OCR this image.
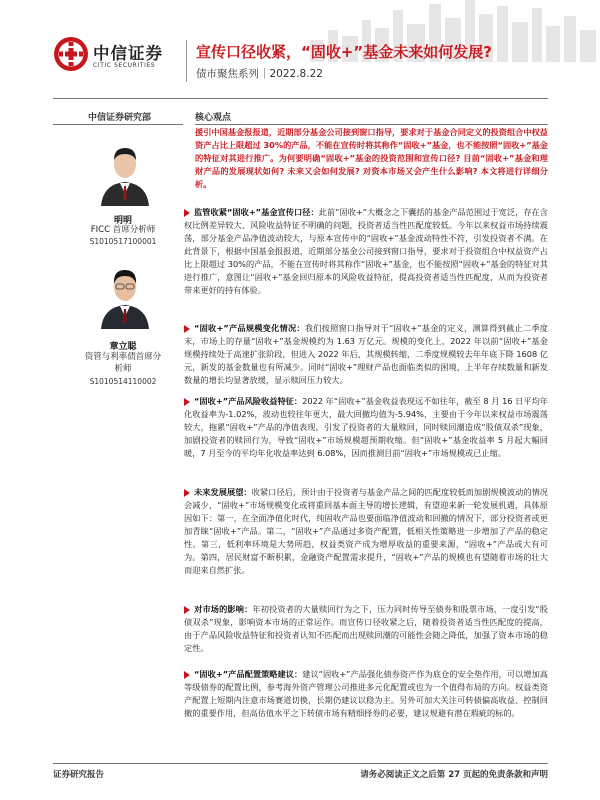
中信证券
CITIC SECURITIES
宣传口径收紧，“固收+”基金未来如何发展?
债市聚焦系列｜2022.8.22
中信证券研究部	核心观点
明明
FICC 首席分析师
S1010517100001
章立聪
资管与利率债首席分析师
S1010514110002
援引中国基金报报道，近期部分基金公司接到窗口指导，要求对于基金合同定义的投资组合中权益资产占比上限超过 30%的产品，不能在宣传时将其称作“固收+”基金，也不能按照“固收+”基金的特征对其进行推广。为何要明确“固收+”基金的投资范围和宣传口径? 目前“固收+”基金和理财产品的发展现状如何? 未来又会如何发展? 对资本市场又会产生什么影响? 本文将进行详细分析。
监管收紧“固收+”基金宣传口径：此前“固收+”大概念之下囊括的基金产品范围过于宽泛，存在含权比例差异较大、风险收益特征不明确的问题，投资者适当性匹配度较低。今年以来权益市场持续震荡，部分基金产品净值波动较大，与原本宣传中的“固收+”基金波动特性不符，引发投资者不满。在此背景下，根据中国基金报报道，近期部分基金公司接到窗口指导，要求对于投资组合中权益资产占比上限超过 30%的产品，不能在宣传时将其称作“固收+”基金，也不能按照“固收+”基金的特征对其进行推广，意图让“固收+”基金回归原本的风险收益特征，提高投资者适当性匹配度，从而为投资者带来更好的持有体验。
“固收+”产品规模变化情况：我们按照窗口指导对于“固收+”基金的定义，测算得到截止二季度末，市场上的存量“固收+”基金规模约为 1.63 万亿元。规模的变化上，2022 年以前“固收+”基金规模持续处于高速扩张阶段，但进入 2022 年后，其规模转缩，二季度规模较去年年底下降 1608 亿元，新发的基金数量也有所减少。同时“固收+”理财产品也面临类似的困境，上半年存续数量和新发数量的增长均显著放缓，显示赎回压力较大。
“固收+”产品风险收益特征：2022 年“固收+”基金收益表现远不如往年，截至 8 月 16 日平均年化收益率为-1.02%，波动也较往年更大，最大回撤均值为-5.94%，主要由于今年以来权益市场震荡较大，拖累“固收+”产品的净值表现，引发了投资者的大量赎回，同时赎回潮造成“股债双杀”现象，加剧投资者的赎回行为，导致“固收+”市场规模超预期收缩。但“固收+”基金收益率 5 月起大幅回暖，7 月至今的平均年化收益率达到 6.08%，因而推测目前“固收+”市场规模或已止缩。
未来发展展望：收紧口径后，预计由于投资者与基金产品之间的匹配度较低而加剧规模波动的情况会减少，“固收+”市场规模变化或将重回基本面主导的增长逻辑，有望迎来新一轮发展机遇，具体原因如下：第一，在全面净值化时代，纯固收产品也要面临净值波动和回撤的情况下，部分投资者或更加青睐“固收+”产品。第二，“固收+”产品通过多资产配置，低相关性策略进一步增加了产品的稳定性。第三，低利率环境是大势所趋，权益类资产成为增厚收益的重要来源，“固收+”产品或大有可为。第四，居民财富不断积累，金融资产配置需求提升，“固收+”产品的规模也有望随着市场的壮大而迎来自然扩张。
对市场的影响：年初投资者的大量赎回行为之下，压力同时传导至债券和股票市场，一度引发“股债双杀”现象，影响资本市场的正常运作。而宣传口径收紧之后，随着投资者适当性匹配度的提高，由于产品风险收益特征和投资者认知不匹配而出现赎回潮的可能性会随之降低，加强了资本市场的稳定性。
“固收+”产品配置策略建议：建议“固收+”产品强化债券资产作为底仓的安全垫作用，可以增加高等级债券的配置比例，参考海外资产管理公司推进多元化配置或也为一个值得布局的方向。权益类资产配置上短期内注意市场赛道切换，长期仍建议以稳为主。另外可加大关注可转债偏高收益、控制回撤的重要作用，但高估值水平之下转债市场有精细择券的必要，建议规避有潜在瑕疵的标的。
证券研究报告	请务必阅读正文之后第 27 页起的免责条款和声明
